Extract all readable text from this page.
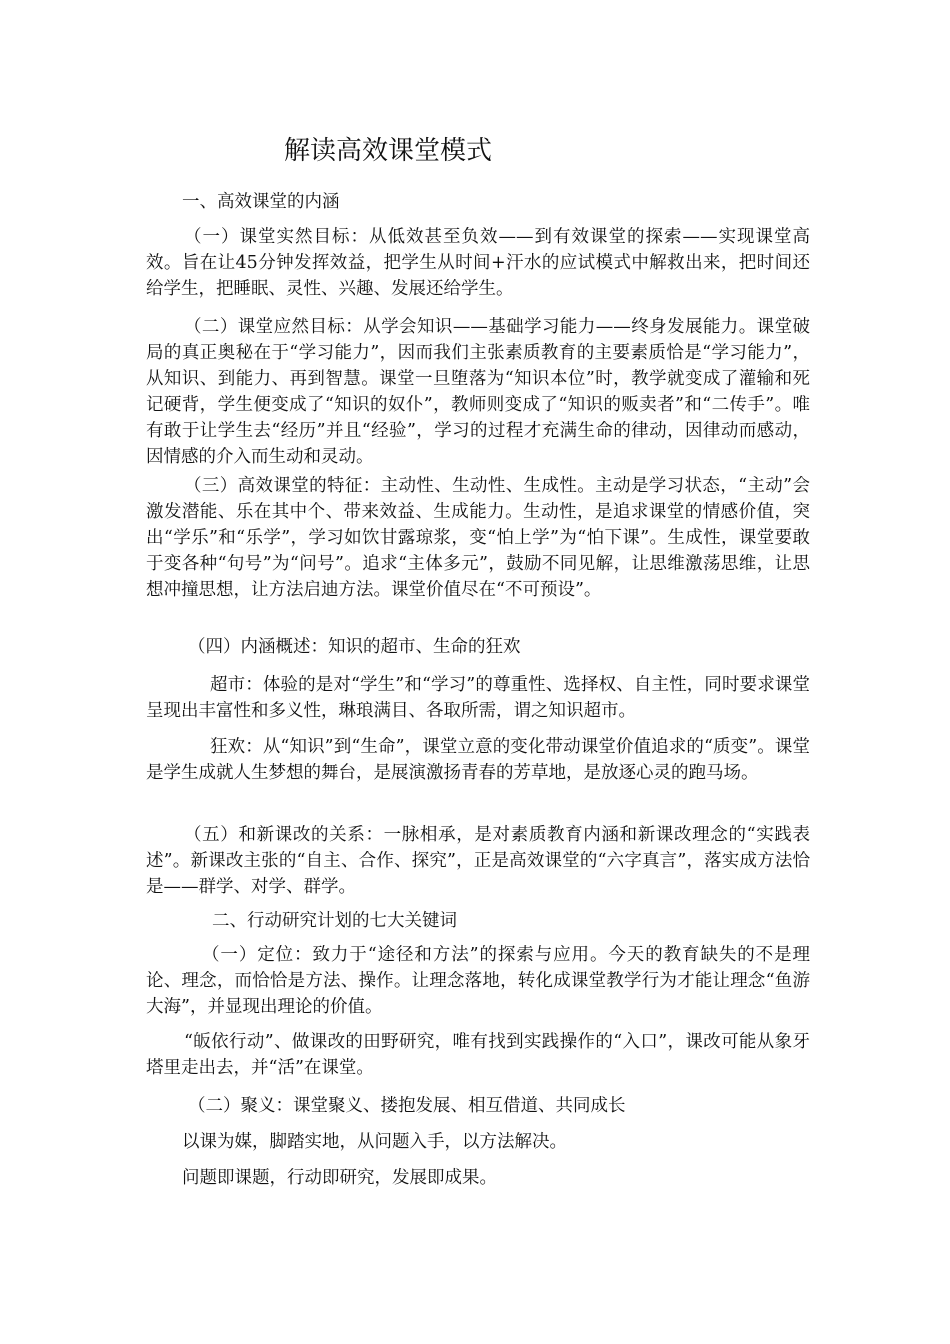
解读高效课堂模式
一、高效课堂的内涵
（一）课堂实然目标：从低效甚至负效——到有效课堂的探索——实现课堂高效。旨在让45分钟发挥效益，把学生从时间+汗水的应试模式中解救出来，把时间还给学生，把睡眠、灵性、兴趣、发展还给学生。
（二）课堂应然目标：从学会知识——基础学习能力——终身发展能力。课堂破局的真正奥秘在于“学习能力”，因而我们主张素质教育的主要素质恰是“学习能力”，从知识、到能力、再到智慧。课堂一旦堕落为“知识本位”时，教学就变成了灌输和死记硬背，学生便变成了“知识的奴仆”，教师则变成了“知识的贩卖者”和“二传手”。唯有敢于让学生去“经历”并且“经验”，学习的过程才充满生命的律动，因律动而感动，因情感的介入而生动和灵动。
（三）高效课堂的特征：主动性、生动性、生成性。主动是学习状态，“主动”会激发潜能、乐在其中个、带来效益、生成能力。生动性，是追求课堂的情感价值，突出“学乐”和“乐学”，学习如饮甘露琼浆，变“怕上学”为“怕下课”。生成性，课堂要敢于变各种“句号”为“问号”。追求“主体多元”，鼓励不同见解，让思维激荡思维，让思想冲撞思想，让方法启迪方法。课堂价值尽在“不可预设”。
（四）内涵概述：知识的超市、生命的狂欢
超市：体验的是对“学生”和“学习”的尊重性、选择权、自主性，同时要求课堂呈现出丰富性和多义性，琳琅满目、各取所需，谓之知识超市。
狂欢：从“知识”到“生命”，课堂立意的变化带动课堂价值追求的“质变”。课堂是学生成就人生梦想的舞台，是展演激扬青春的芳草地，是放逐心灵的跑马场。
（五）和新课改的关系：一脉相承，是对素质教育内涵和新课改理念的“实践表述”。新课改主张的“自主、合作、探究”，正是高效课堂的“六字真言”，落实成方法恰是——群学、对学、群学。
二、行动研究计划的七大关键词
（一）定位：致力于“途径和方法”的探索与应用。今天的教育缺失的不是理论、理念，而恰恰是方法、操作。让理念落地，转化成课堂教学行为才能让理念“鱼游大海”，并显现出理论的价值。
“皈依行动”、做课改的田野研究，唯有找到实践操作的“入口”，课改可能从象牙塔里走出去，并“活”在课堂。
（二）聚义：课堂聚义、搂抱发展、相互借道、共同成长
以课为媒，脚踏实地，从问题入手，以方法解决。
问题即课题，行动即研究，发展即成果。
